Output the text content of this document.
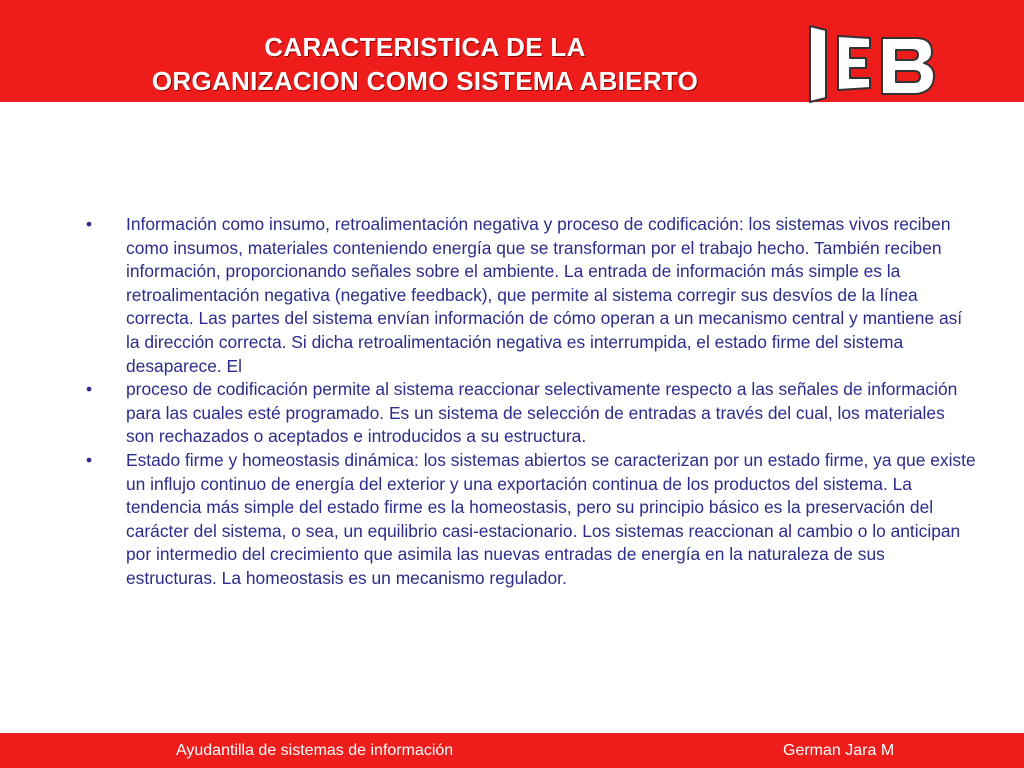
CARACTERISTICA DE LA
ORGANIZACION COMO SISTEMA ABIERTO
•	Información como insumo, retroalimentación negativa y proceso de codificación: los sistemas vivos reciben como insumos, materiales conteniendo energía que se transforman por el trabajo hecho. También reciben información, proporcionando señales sobre el ambiente. La entrada de información más simple es la retroalimentación negativa (negative feedback), que permite al sistema corregir sus desvíos de la línea correcta. Las partes del sistema envían información de cómo operan a un mecanismo central y mantiene así la dirección correcta. Si dicha retroalimentación negativa es interrumpida, el estado firme del sistema desaparece. El
•	proceso de codificación permite al sistema reaccionar selectivamente respecto a las señales de información para las cuales esté programado. Es un sistema de selección de entradas a través del cual, los materiales son rechazados o aceptados e introducidos a su estructura.
•	Estado firme y homeostasis dinámica: los sistemas abiertos se caracterizan por un estado firme, ya que existe un influjo continuo de energía del exterior y una exportación continua de los productos del sistema. La tendencia más simple del estado firme es la homeostasis, pero su principio básico es la preservación del carácter del sistema, o sea, un equilibrio casi-estacionario. Los sistemas reaccionan al cambio o lo anticipan por intermedio del crecimiento que asimila las nuevas entradas de energía en la naturaleza de sus estructuras. La homeostasis es un mecanismo regulador.
Ayudantilla de sistemas de información	German Jara M
